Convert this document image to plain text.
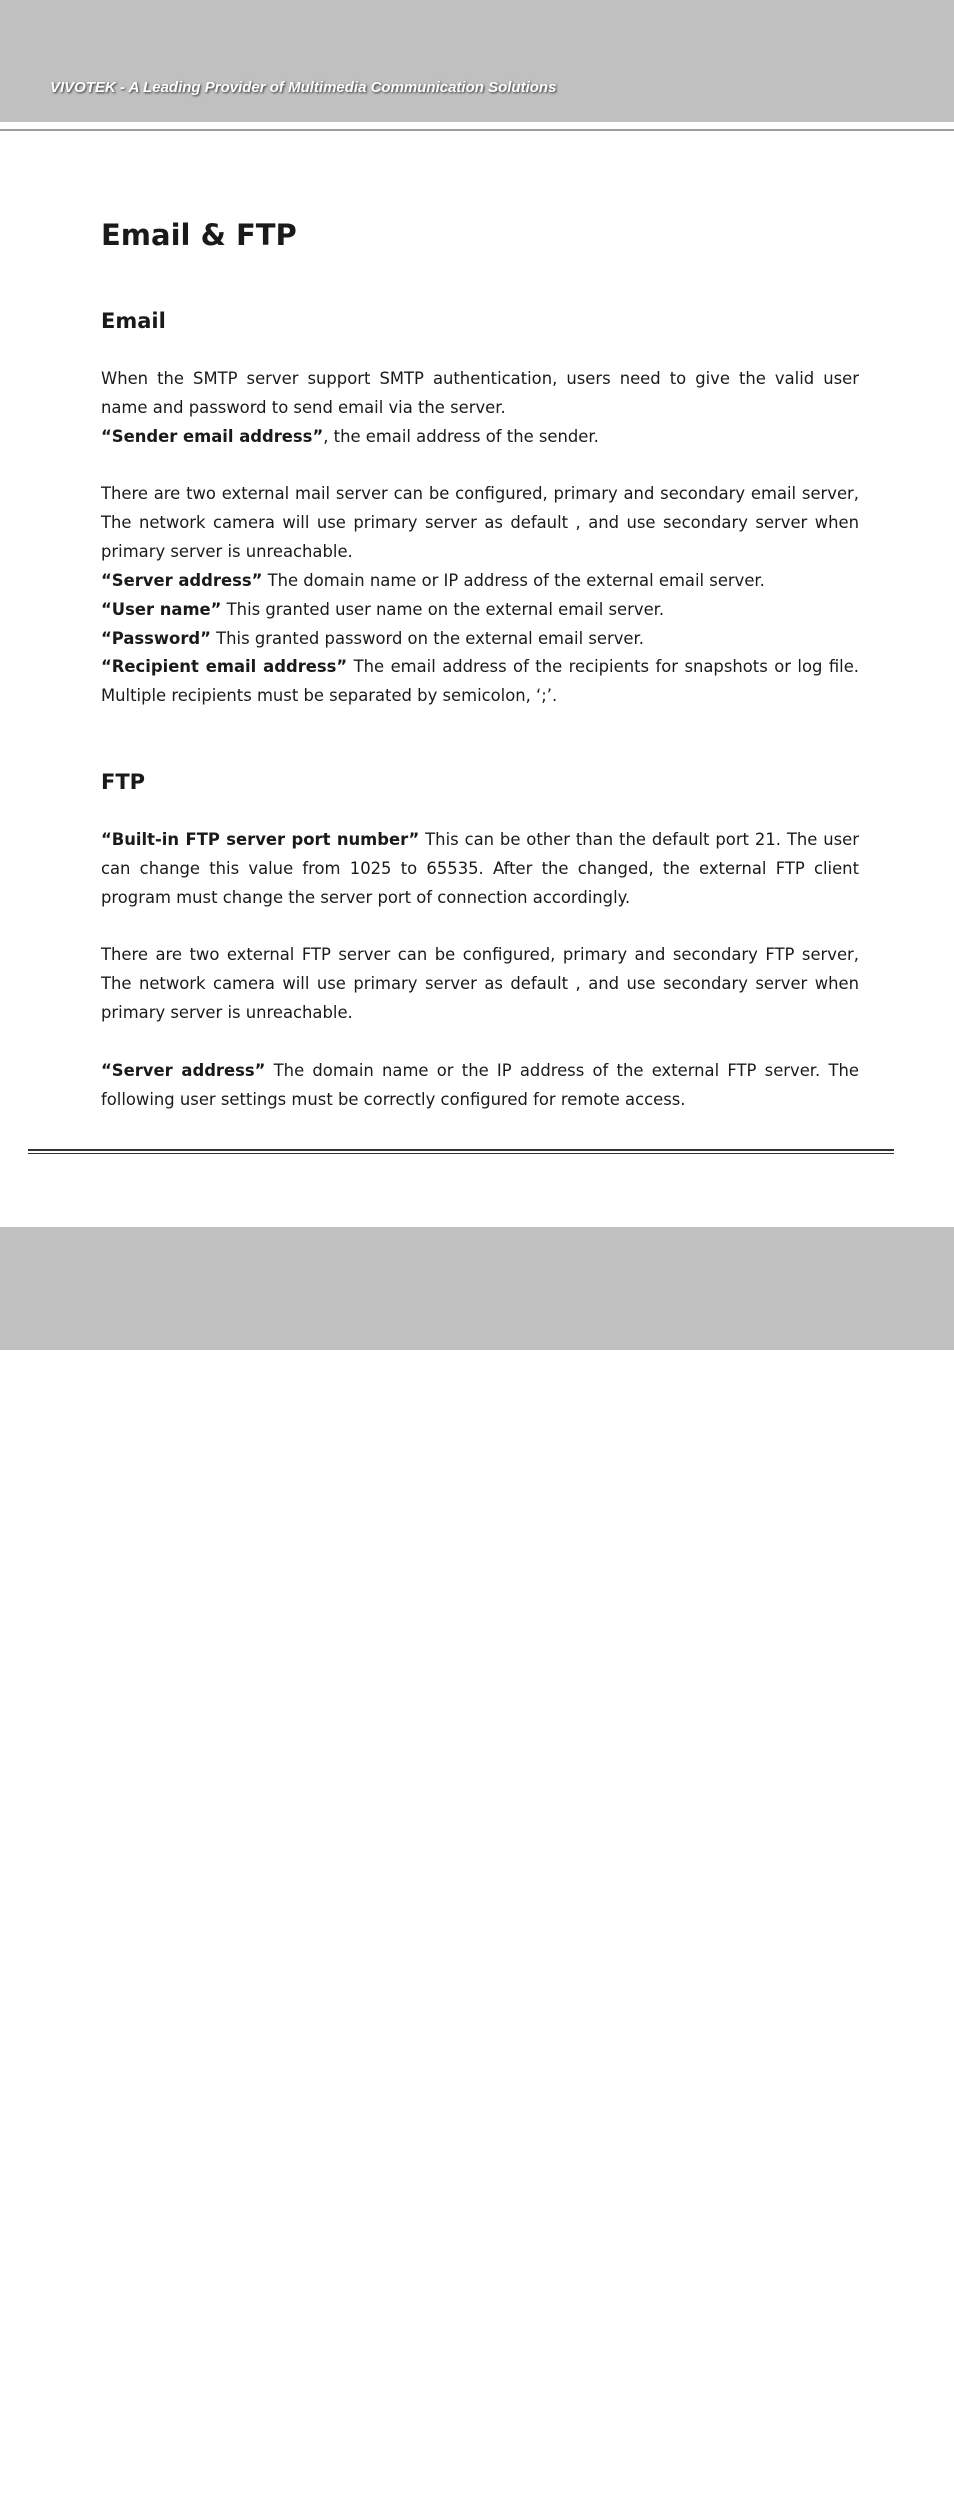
VIVOTEK - A Leading Provider of Multimedia Communication Solutions
Email & FTP
Email

When the SMTP server support SMTP authentication, users need to give the valid user name and password to send email via the server.
“Sender email address”, the email address of the sender.

There are two external mail server can be configured, primary and secondary email server, The network camera will use primary server as default , and use secondary server when primary server is unreachable.
“Server address” The domain name or IP address of the external email server.
“User name” This granted user name on the external email server.
“Password” This granted password on the external email server.
“Recipient email address” The email address of the recipients for snapshots or log file. Multiple recipients must be separated by semicolon, ‘;’.

FTP

“Built-in FTP server port number” This can be other than the default port 21. The user can change this value from 1025 to 65535. After the changed, the external FTP client program must change the server port of connection accordingly.

There are two external FTP server can be configured, primary and secondary FTP server, The network camera will use primary server as default , and use secondary server when primary server is unreachable.

“Server address” The domain name or the IP address of the external FTP server. The following user settings must be correctly configured for remote access.

35 - User's Manual
